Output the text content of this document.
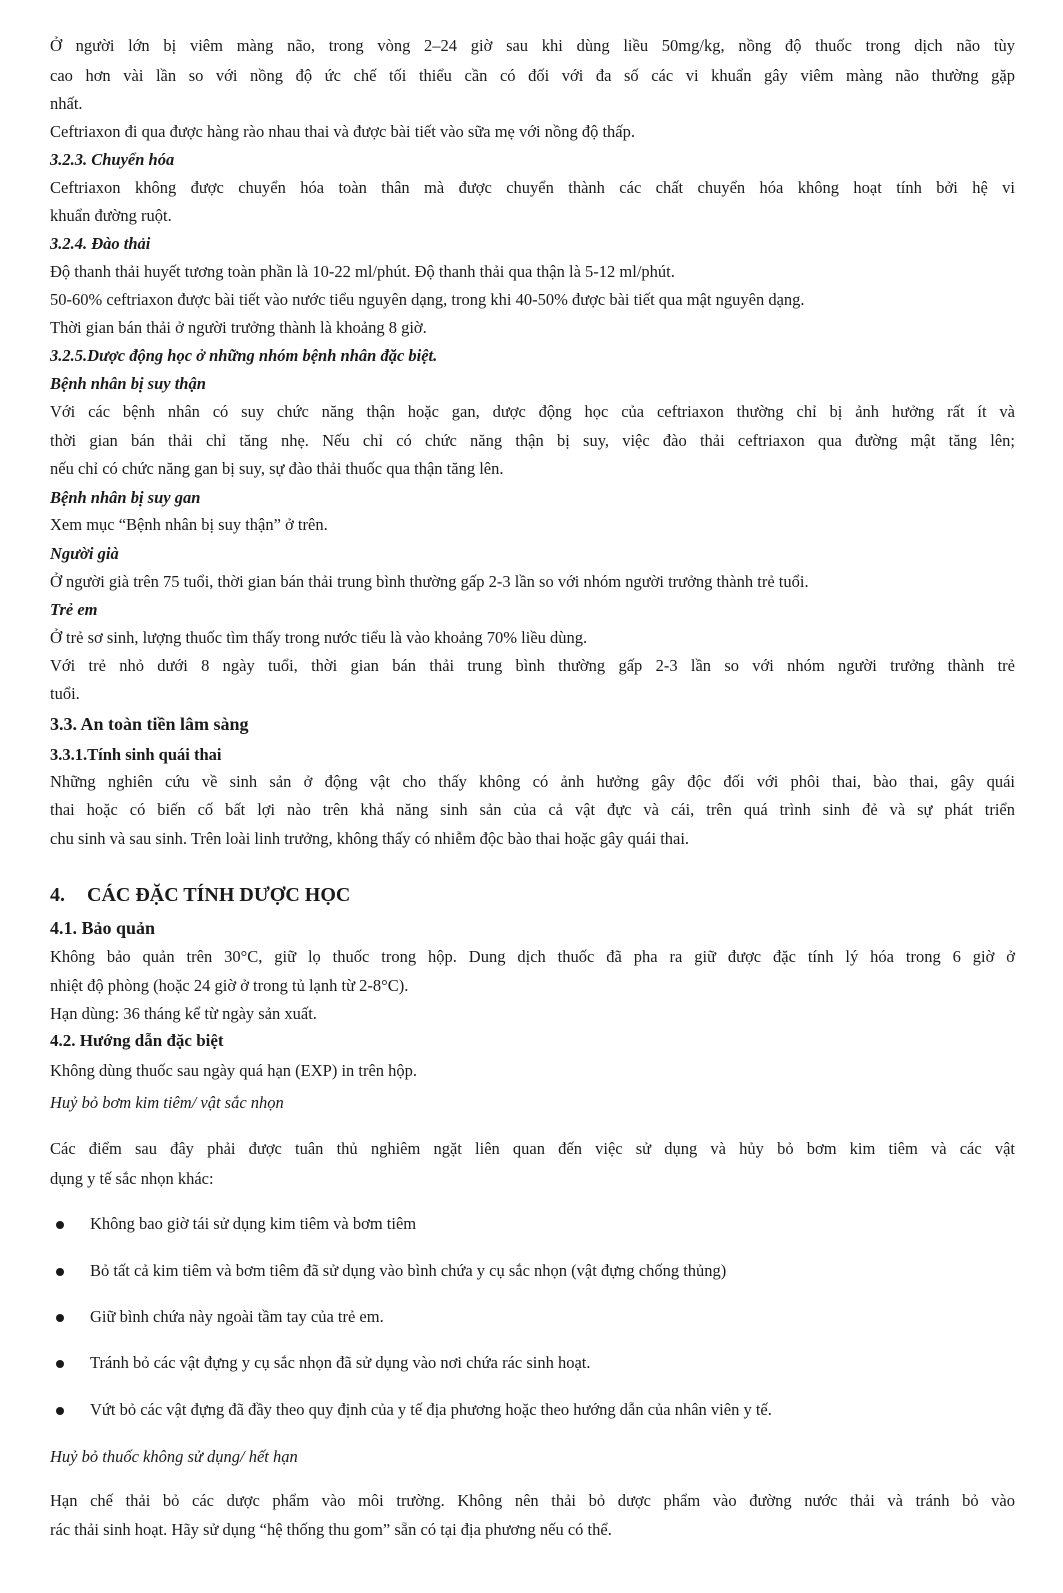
Ở người lớn bị viêm màng não, trong vòng 2–24 giờ sau khi dùng liều 50mg/kg, nồng độ thuốc trong dịch não tùy
cao hơn vài lần so với nồng độ ức chế tối thiểu cần có đối với đa số các vi khuẩn gây viêm màng não thường gặp
nhất.
Ceftriaxon đi qua được hàng rào nhau thai và được bài tiết vào sữa mẹ với nồng độ thấp.
3.2.3. Chuyển hóa
Ceftriaxon không được chuyển hóa toàn thân mà được chuyển thành các chất chuyển hóa không hoạt tính bởi hệ vi
khuẩn đường ruột.
3.2.4. Đào thải
Độ thanh thải huyết tương toàn phần là 10-22 ml/phút. Độ thanh thải qua thận là 5-12 ml/phút.
50-60% ceftriaxon được bài tiết vào nước tiểu nguyên dạng, trong khi 40-50% được bài tiết qua mật nguyên dạng.
Thời gian bán thải ở người trưởng thành là khoảng 8 giờ.
3.2.5.Dược động học ở những nhóm bệnh nhân đặc biệt.
Bệnh nhân bị suy thận
Với các bệnh nhân có suy chức năng thận hoặc gan, dược động học của ceftriaxon thường chỉ bị ảnh hưởng rất ít và
thời gian bán thải chỉ tăng nhẹ. Nếu chỉ có chức năng thận bị suy, việc đào thải ceftriaxon qua đường mật tăng lên;
nếu chỉ có chức năng gan bị suy, sự đào thải thuốc qua thận tăng lên.
Bệnh nhân bị suy gan
Xem mục “Bệnh nhân bị suy thận” ở trên.
Người già
Ở người già trên 75 tuổi, thời gian bán thải trung bình thường gấp 2-3 lần so với nhóm người trưởng thành trẻ tuổi.
Trẻ em
Ở trẻ sơ sinh, lượng thuốc tìm thấy trong nước tiểu là vào khoảng 70% liều dùng.
Với trẻ nhỏ dưới 8 ngày tuổi, thời gian bán thải trung bình thường gấp 2-3 lần so với nhóm người trưởng thành trẻ
tuổi.
3.3. An toàn tiền lâm sàng
3.3.1.Tính sinh quái thai
Những nghiên cứu về sinh sản ở động vật cho thấy không có ảnh hưởng gây độc đối với phôi thai, bào thai, gây quái
thai hoặc có biến cố bất lợi nào trên khả năng sinh sản của cả vật đực và cái, trên quá trình sinh đẻ và sự phát triển
chu sinh và sau sinh. Trên loài linh trưởng, không thấy có nhiễm độc bào thai hoặc gây quái thai.
4.	CÁC ĐẶC TÍNH DƯỢC HỌC
4.1. Bảo quản
Không bảo quản trên 30°C, giữ lọ thuốc trong hộp. Dung dịch thuốc đã pha ra giữ được đặc tính lý hóa trong 6 giờ ở
nhiệt độ phòng (hoặc 24 giờ ở trong tủ lạnh từ 2-8°C).
Hạn dùng: 36 tháng kể từ ngày sản xuất.
4.2. Hướng dẫn đặc biệt
Không dùng thuốc sau ngày quá hạn (EXP) in trên hộp.
Huỷ bỏ bơm kim tiêm/ vật sắc nhọn
Các điểm sau đây phải được tuân thủ nghiêm ngặt liên quan đến việc sử dụng và hủy bỏ bơm kim tiêm và các vật
dụng y tế sắc nhọn khác:
Không bao giờ tái sử dụng kim tiêm và bơm tiêm
Bỏ tất cả kim tiêm và bơm tiêm đã sử dụng vào bình chứa y cụ sắc nhọn (vật đựng chống thủng)
Giữ bình chứa này ngoài tầm tay của trẻ em.
Tránh bỏ các vật đựng y cụ sắc nhọn đã sử dụng vào nơi chứa rác sinh hoạt.
Vứt bỏ các vật đựng đã đầy theo quy định của y tế địa phương hoặc theo hướng dẫn của nhân viên y tế.
Huỷ bỏ thuốc không sử dụng/ hết hạn
Hạn chế thải bỏ các dược phẩm vào môi trường. Không nên thải bỏ dược phẩm vào đường nước thải và tránh bỏ vào
rác thải sinh hoạt. Hãy sử dụng “hệ thống thu gom” sẵn có tại địa phương nếu có thể.
